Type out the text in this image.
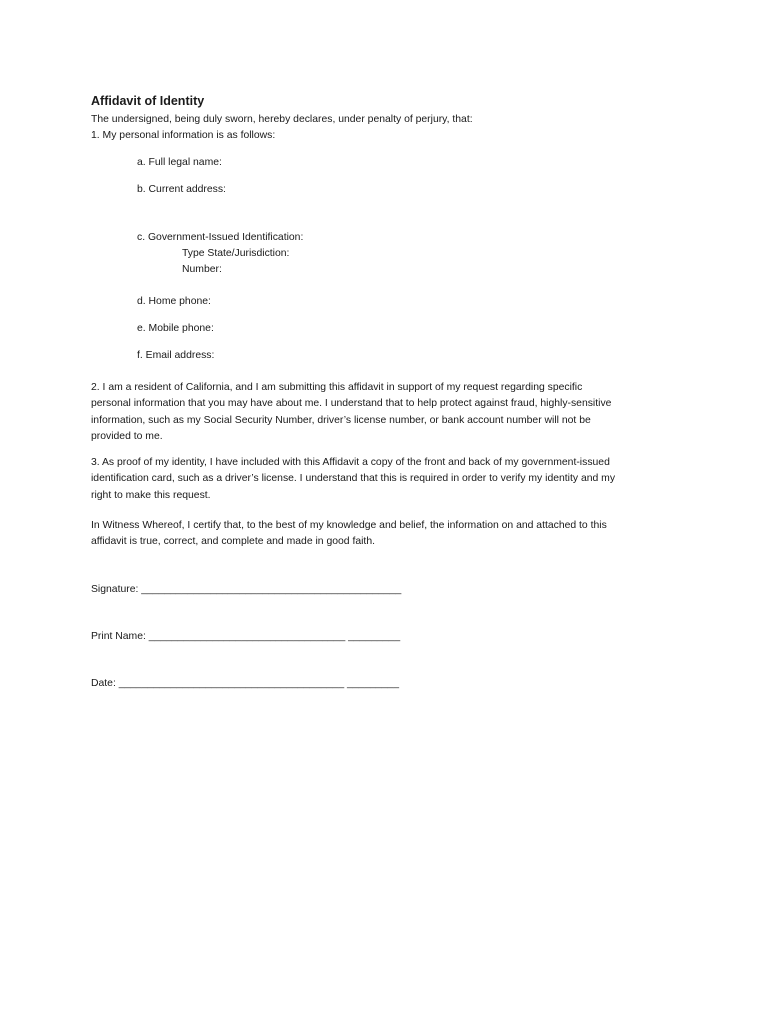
Affidavit of Identity
The undersigned, being duly sworn, hereby declares, under penalty of perjury, that:
1. My personal information is as follows:
a. Full legal name:
b. Current address:
c. Government-Issued Identification:
Type State/Jurisdiction:
Number:
d. Home phone:
e. Mobile phone:
f. Email address:
2. I am a resident of California, and I am submitting this affidavit in support of my request regarding specific
personal information that you may have about me. I understand that to help protect against fraud, highly-sensitive
information, such as my Social Security Number, driver’s license number, or bank account number will not be
provided to me.
3. As proof of my identity, I have included with this Affidavit a copy of the front and back of my government-issued
identification card, such as a driver’s license. I understand that this is required in order to verify my identity and my
right to make this request.
In Witness Whereof, I certify that, to the best of my knowledge and belief, the information on and attached to this
affidavit is true, correct, and complete and made in good faith.
Signature: _____________________________________________
Print Name: __________________________________ _________
Date: _______________________________________ _________
